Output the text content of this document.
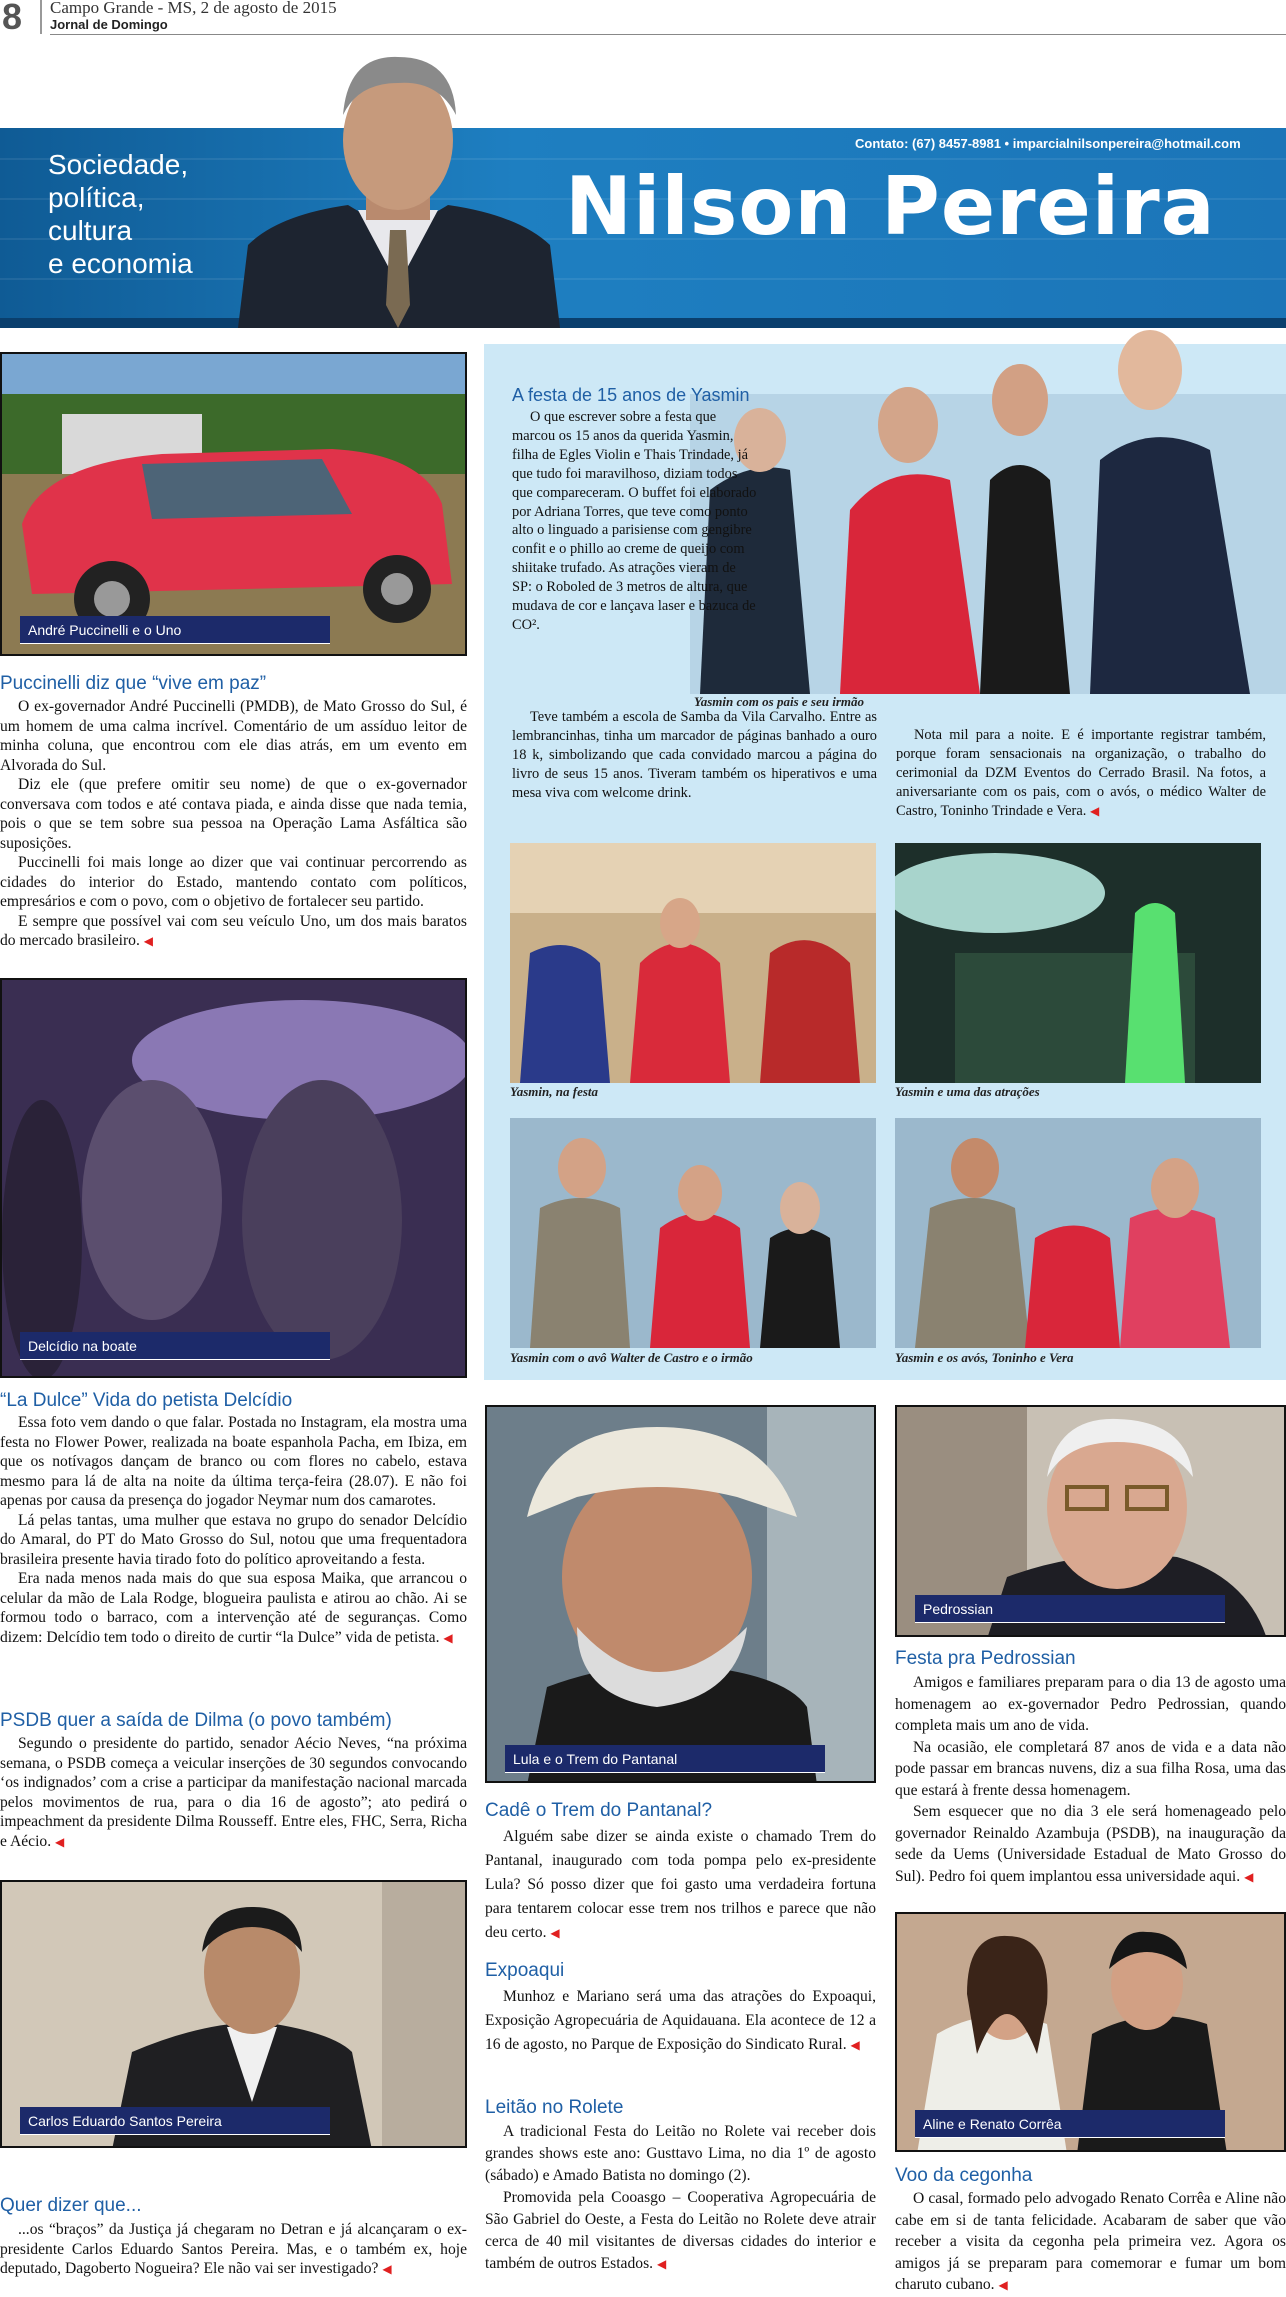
8 Campo Grande - MS, 2 de agosto de 2015
Jornal de Domingo
Sociedade,
política,
cultura
e economia
Contato: (67) 8457-8981 • imparcialnilsonpereira@hotmail.com
Nilson Pereira
André Puccinelli e o Uno
Puccinelli diz que “vive em paz”

O ex-governador André Puccinelli (PMDB), de Mato Grosso do Sul, é um homem de uma calma incrível. Comentário de um assíduo leitor de minha coluna, que encontrou com ele dias atrás, em um evento em Alvorada do Sul.

Diz ele (que prefere omitir seu nome) de que o ex-governador conversava com todos e até contava piada, e ainda disse que nada temia, pois o que se tem sobre sua pessoa na Operação Lama Asfáltica são suposições.

Puccinelli foi mais longe ao dizer que vai continuar percorrendo as cidades do interior do Estado, mantendo contato com políticos, empresários e com o povo, com o objetivo de fortalecer seu partido.

E sempre que possível vai com seu veículo Uno, um dos mais baratos do mercado brasileiro. ◀

Delcídio na boate
“La Dulce” Vida do petista Delcídio

Essa foto vem dando o que falar. Postada no Instagram, ela mostra uma festa no Flower Power, realizada na boate espanhola Pacha, em Ibiza, em que os notívagos dançam de branco ou com flores no cabelo, estava mesmo para lá de alta na noite da última terça-feira (28.07). E não foi apenas por causa da presença do jogador Neymar num dos camarotes.

Lá pelas tantas, uma mulher que estava no grupo do senador Delcídio do Amaral, do PT do Mato Grosso do Sul, notou que uma frequentadora brasileira presente havia tirado foto do político aproveitando a festa.

Era nada menos nada mais do que sua esposa Maika, que arrancou o celular da mão de Lala Rodge, blogueira paulista e atirou ao chão. Ai se formou todo o barraco, com a intervenção até de seguranças. Como dizem: Delcídio tem todo o direito de curtir “la Dulce” vida de petista. ◀

PSDB quer a saída de Dilma (o povo também)

Segundo o presidente do partido, senador Aécio Neves, “na próxima semana, o PSDB começa a veicular inserções de 30 segundos convocando ‘os indignados’ com a crise a participar da manifestação nacional marcada pelos movimentos de rua, para o dia 16 de agosto”; ato pedirá o impeachment da presidente Dilma Rousseff. Entre eles, FHC, Serra, Richa e Aécio. ◀

Carlos Eduardo Santos Pereira
Quer dizer que...

...os “braços” da Justiça já chegaram no Detran e já alcançaram o ex-presidente Carlos Eduardo Santos Pereira. Mas, e o também ex, hoje deputado, Dagoberto Nogueira? Ele não vai ser investigado? ◀

A festa de 15 anos de Yasmin

O que escrever sobre a festa que marcou os 15 anos da querida Yasmin, filha de Egles Violin e Thais Trindade, já que tudo foi maravilhoso, diziam todos que compareceram. O buffet foi elaborado por Adriana Torres, que teve como ponto alto o linguado a parisiense com gengibre confit e o phillo ao creme de queijo com shiitake trufado. As atrações vieram de SP: o Roboled de 3 metros de altura, que mudava de cor e lançava laser e bazuca de CO².

Yasmin com os pais e seu irmão

Teve também a escola de Samba da Vila Carvalho. Entre as lembrancinhas, tinha um marcador de páginas banhado a ouro 18 k, simbolizando que cada convidado marcou a página do livro de seus 15 anos. Tiveram também os hiperativos e uma mesa viva com welcome drink.

Nota mil para a noite. E é importante registrar também, porque foram sensacionais na organização, o trabalho do cerimonial da DZM Eventos do Cerrado Brasil. Na fotos, a aniversariante com os pais, com o avós, o médico Walter de Castro, Toninho Trindade e Vera. ◀

Yasmin, na festa	Yasmin e uma das atrações
Yasmin com o avô Walter de Castro e o irmão	Yasmin e os avós, Toninho e Vera
Lula e o Trem do Pantanal
Cadê o Trem do Pantanal?

Alguém sabe dizer se ainda existe o chamado Trem do Pantanal, inaugurado com toda pompa pelo ex-presidente Lula? Só posso dizer que foi gasto uma verdadeira fortuna para tentarem colocar esse trem nos trilhos e parece que não deu certo. ◀

Expoaqui

Munhoz e Mariano será uma das atrações do Expoaqui, Exposição Agropecuária de Aquidauana. Ela acontece de 12 a 16 de agosto, no Parque de Exposição do Sindicato Rural. ◀

Leitão no Rolete

A tradicional Festa do Leitão no Rolete vai receber dois grandes shows este ano: Gusttavo Lima, no dia 1º de agosto (sábado) e Amado Batista no domingo (2).

Promovida pela Cooasgo – Cooperativa Agropecuária de São Gabriel do Oeste, a Festa do Leitão no Rolete deve atrair cerca de 40 mil visitantes de diversas cidades do interior e também de outros Estados. ◀

Pedrossian
Festa pra Pedrossian

Amigos e familiares preparam para o dia 13 de agosto uma homenagem ao ex-governador Pedro Pedrossian, quando completa mais um ano de vida.

Na ocasião, ele completará 87 anos de vida e a data não pode passar em brancas nuvens, diz a sua filha Rosa, uma das que estará à frente dessa homenagem.

Sem esquecer que no dia 3 ele será homenageado pelo governador Reinaldo Azambuja (PSDB), na inauguração da sede da Uems (Universidade Estadual de Mato Grosso do Sul). Pedro foi quem implantou essa universidade aqui. ◀

Aline e Renato Corrêa
Voo da cegonha

O casal, formado pelo advogado Renato Corrêa e Aline não cabe em si de tanta felicidade. Acabaram de saber que vão receber a visita da cegonha pela primeira vez. Agora os amigos já se preparam para comemorar e fumar um bom charuto cubano. ◀
